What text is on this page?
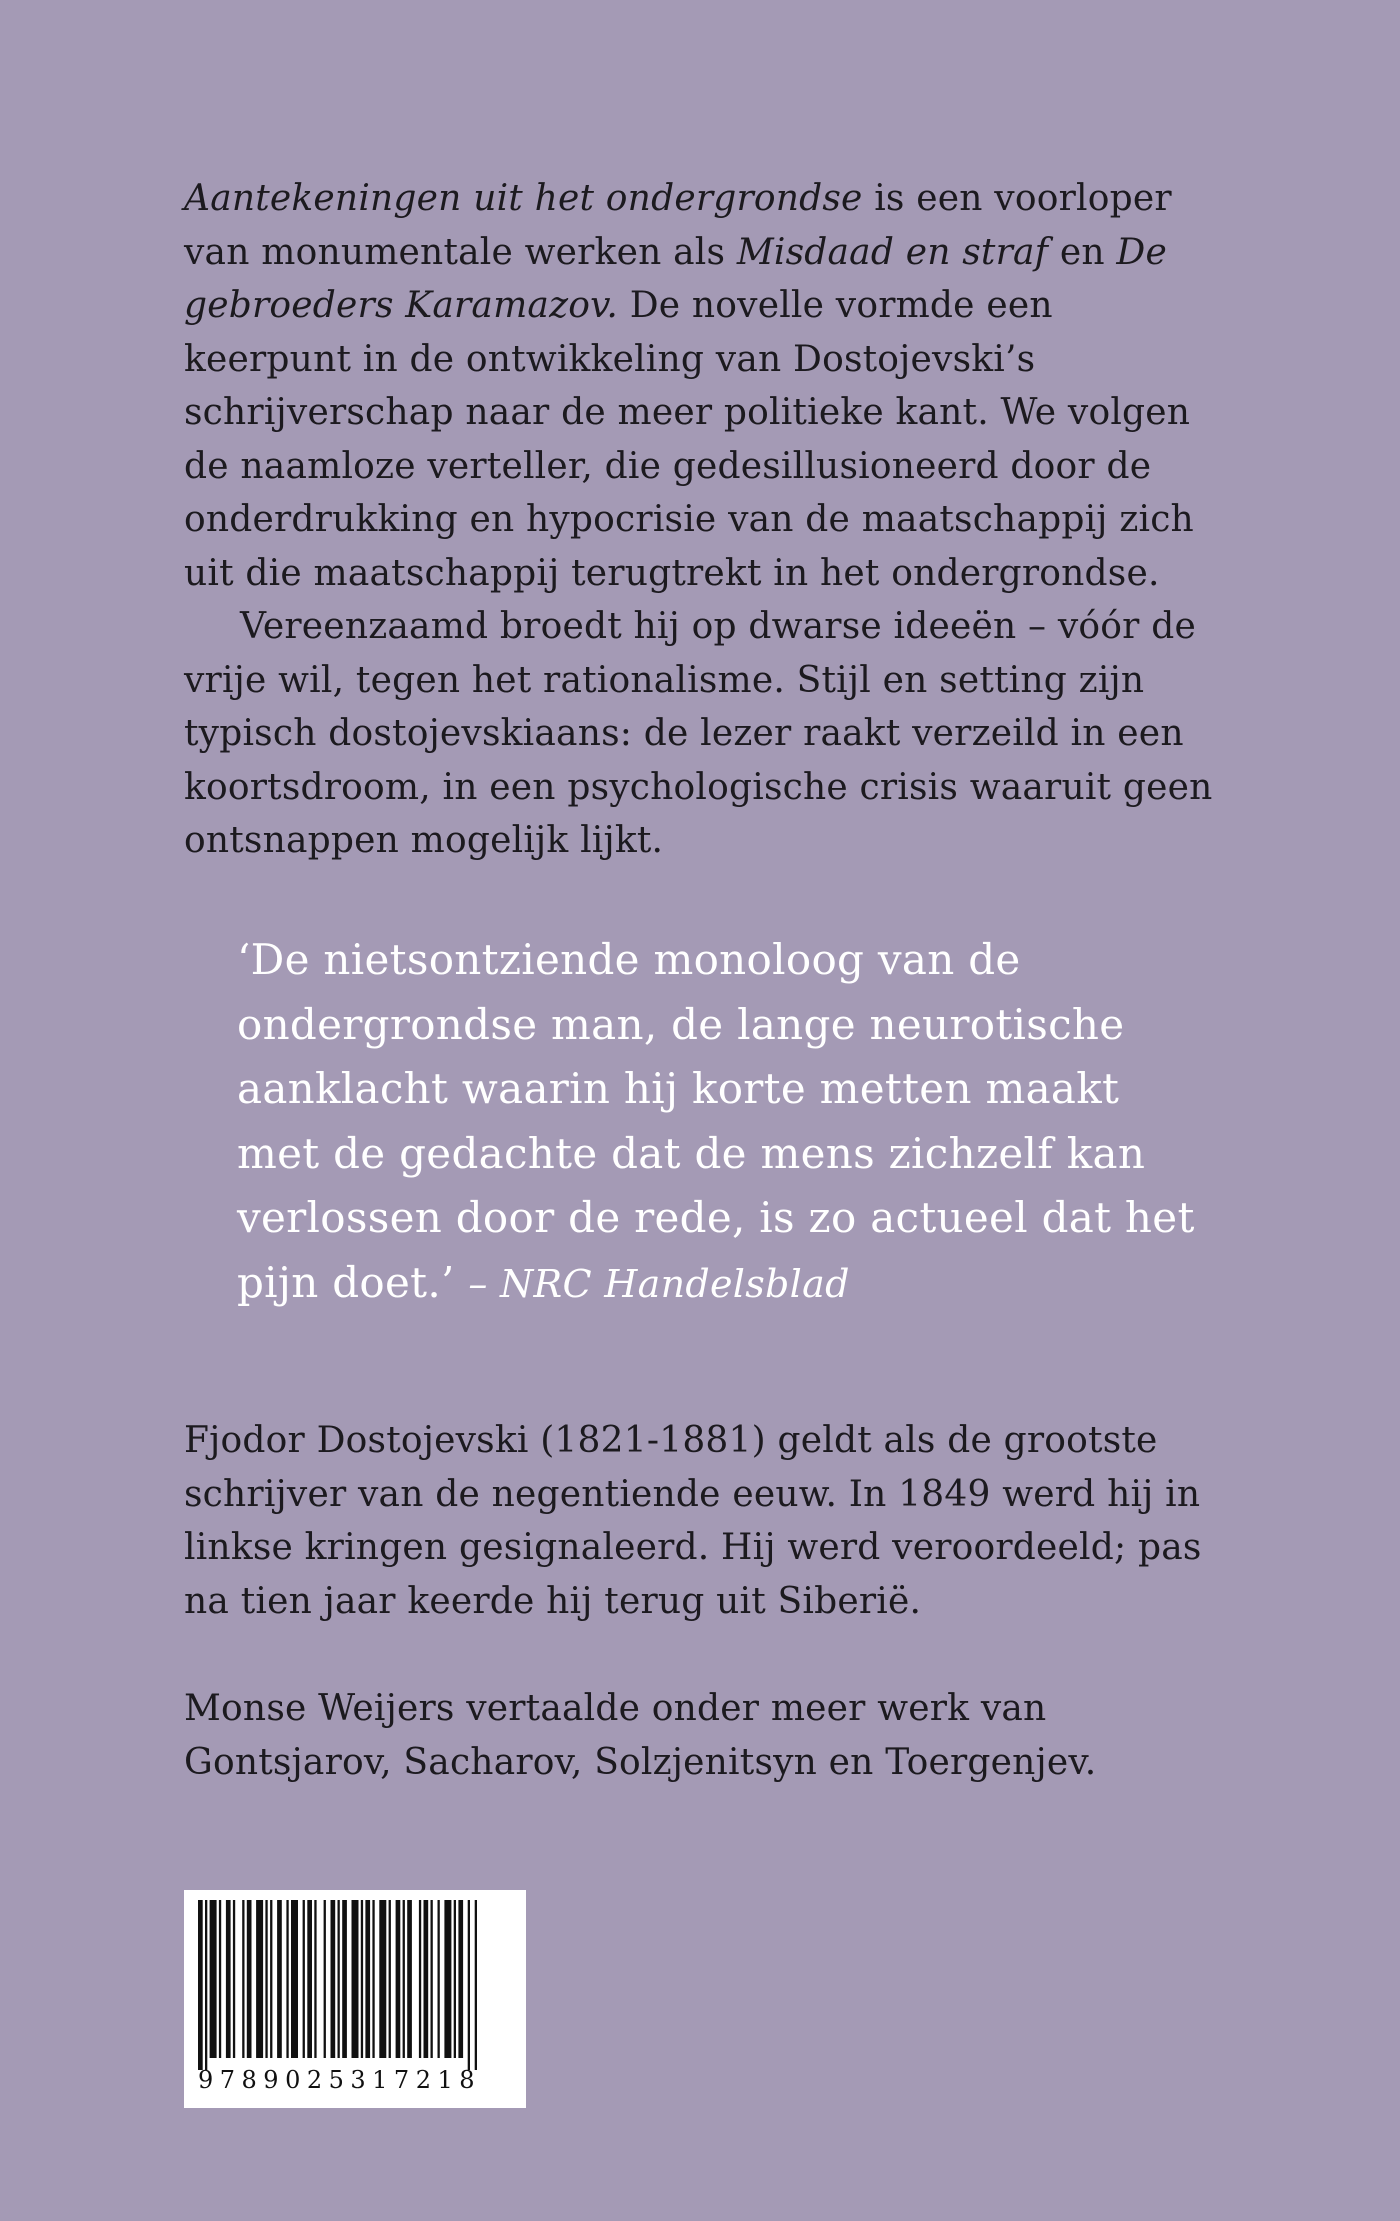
Aantekeningen uit het ondergrondse is een voorloper van monumentale werken als Misdaad en straf en De gebroeders Karamazov. De novelle vormde een keerpunt in de ontwikkeling van Dostojevski’s schrijverschap naar de meer politieke kant. We volgen de naamloze verteller, die gedesillusioneerd door de onderdrukking en hypocrisie van de maatschappij zich uit die maatschappij terugtrekt in het ondergrondse.

Vereenzaamd broedt hij op dwarse ideeën – vóór de vrije wil, tegen het rationalisme. Stijl en setting zijn typisch dostojevskiaans: de lezer raakt verzeild in een koortsdroom, in een psychologische crisis waaruit geen ontsnappen mogelijk lijkt.

‘De nietsontziende monoloog van de ondergrondse man, de lange neurotische aanklacht waarin hij korte metten maakt met de gedachte dat de mens zichzelf kan verlossen door de rede, is zo actueel dat het pijn doet.’ – NRC Handelsblad
Fjodor Dostojevski (1821-1881) geldt als de grootste schrijver van de negentiende eeuw. In 1849 werd hij in linkse kringen gesignaleerd. Hij werd veroordeeld; pas na tien jaar keerde hij terug uit Siberië.
Monse Weijers vertaalde onder meer werk van Gontsjarov, Sacharov, Solzjenitsyn en Toergenjev.
9789025317218
